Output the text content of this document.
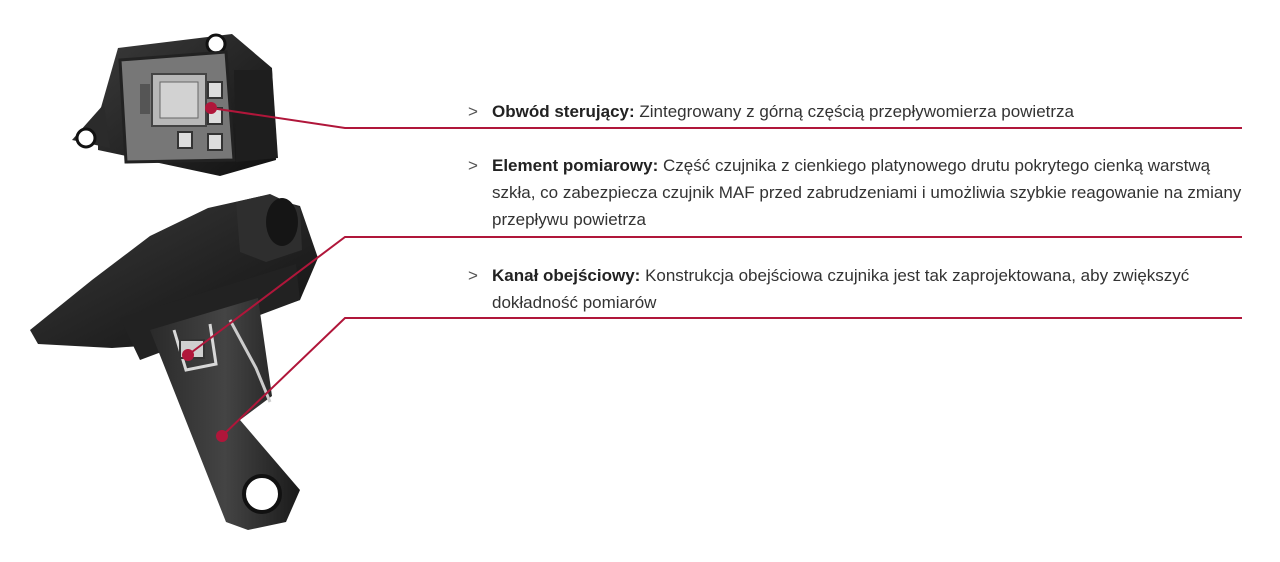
> Obwód sterujący: Zintegrowany z górną częścią przepływomierza powietrza
> Element pomiarowy: Część czujnika z cienkiego platynowego drutu pokrytego cienką warstwą szkła, co zabezpiecza czujnik MAF przed zabrudzeniami i umożliwia szybkie reagowanie na zmiany przepływu powietrza
> Kanał obejściowy: Konstrukcja obejściowa czujnika jest tak zaprojektowana, aby zwiększyć dokładność pomiarów
